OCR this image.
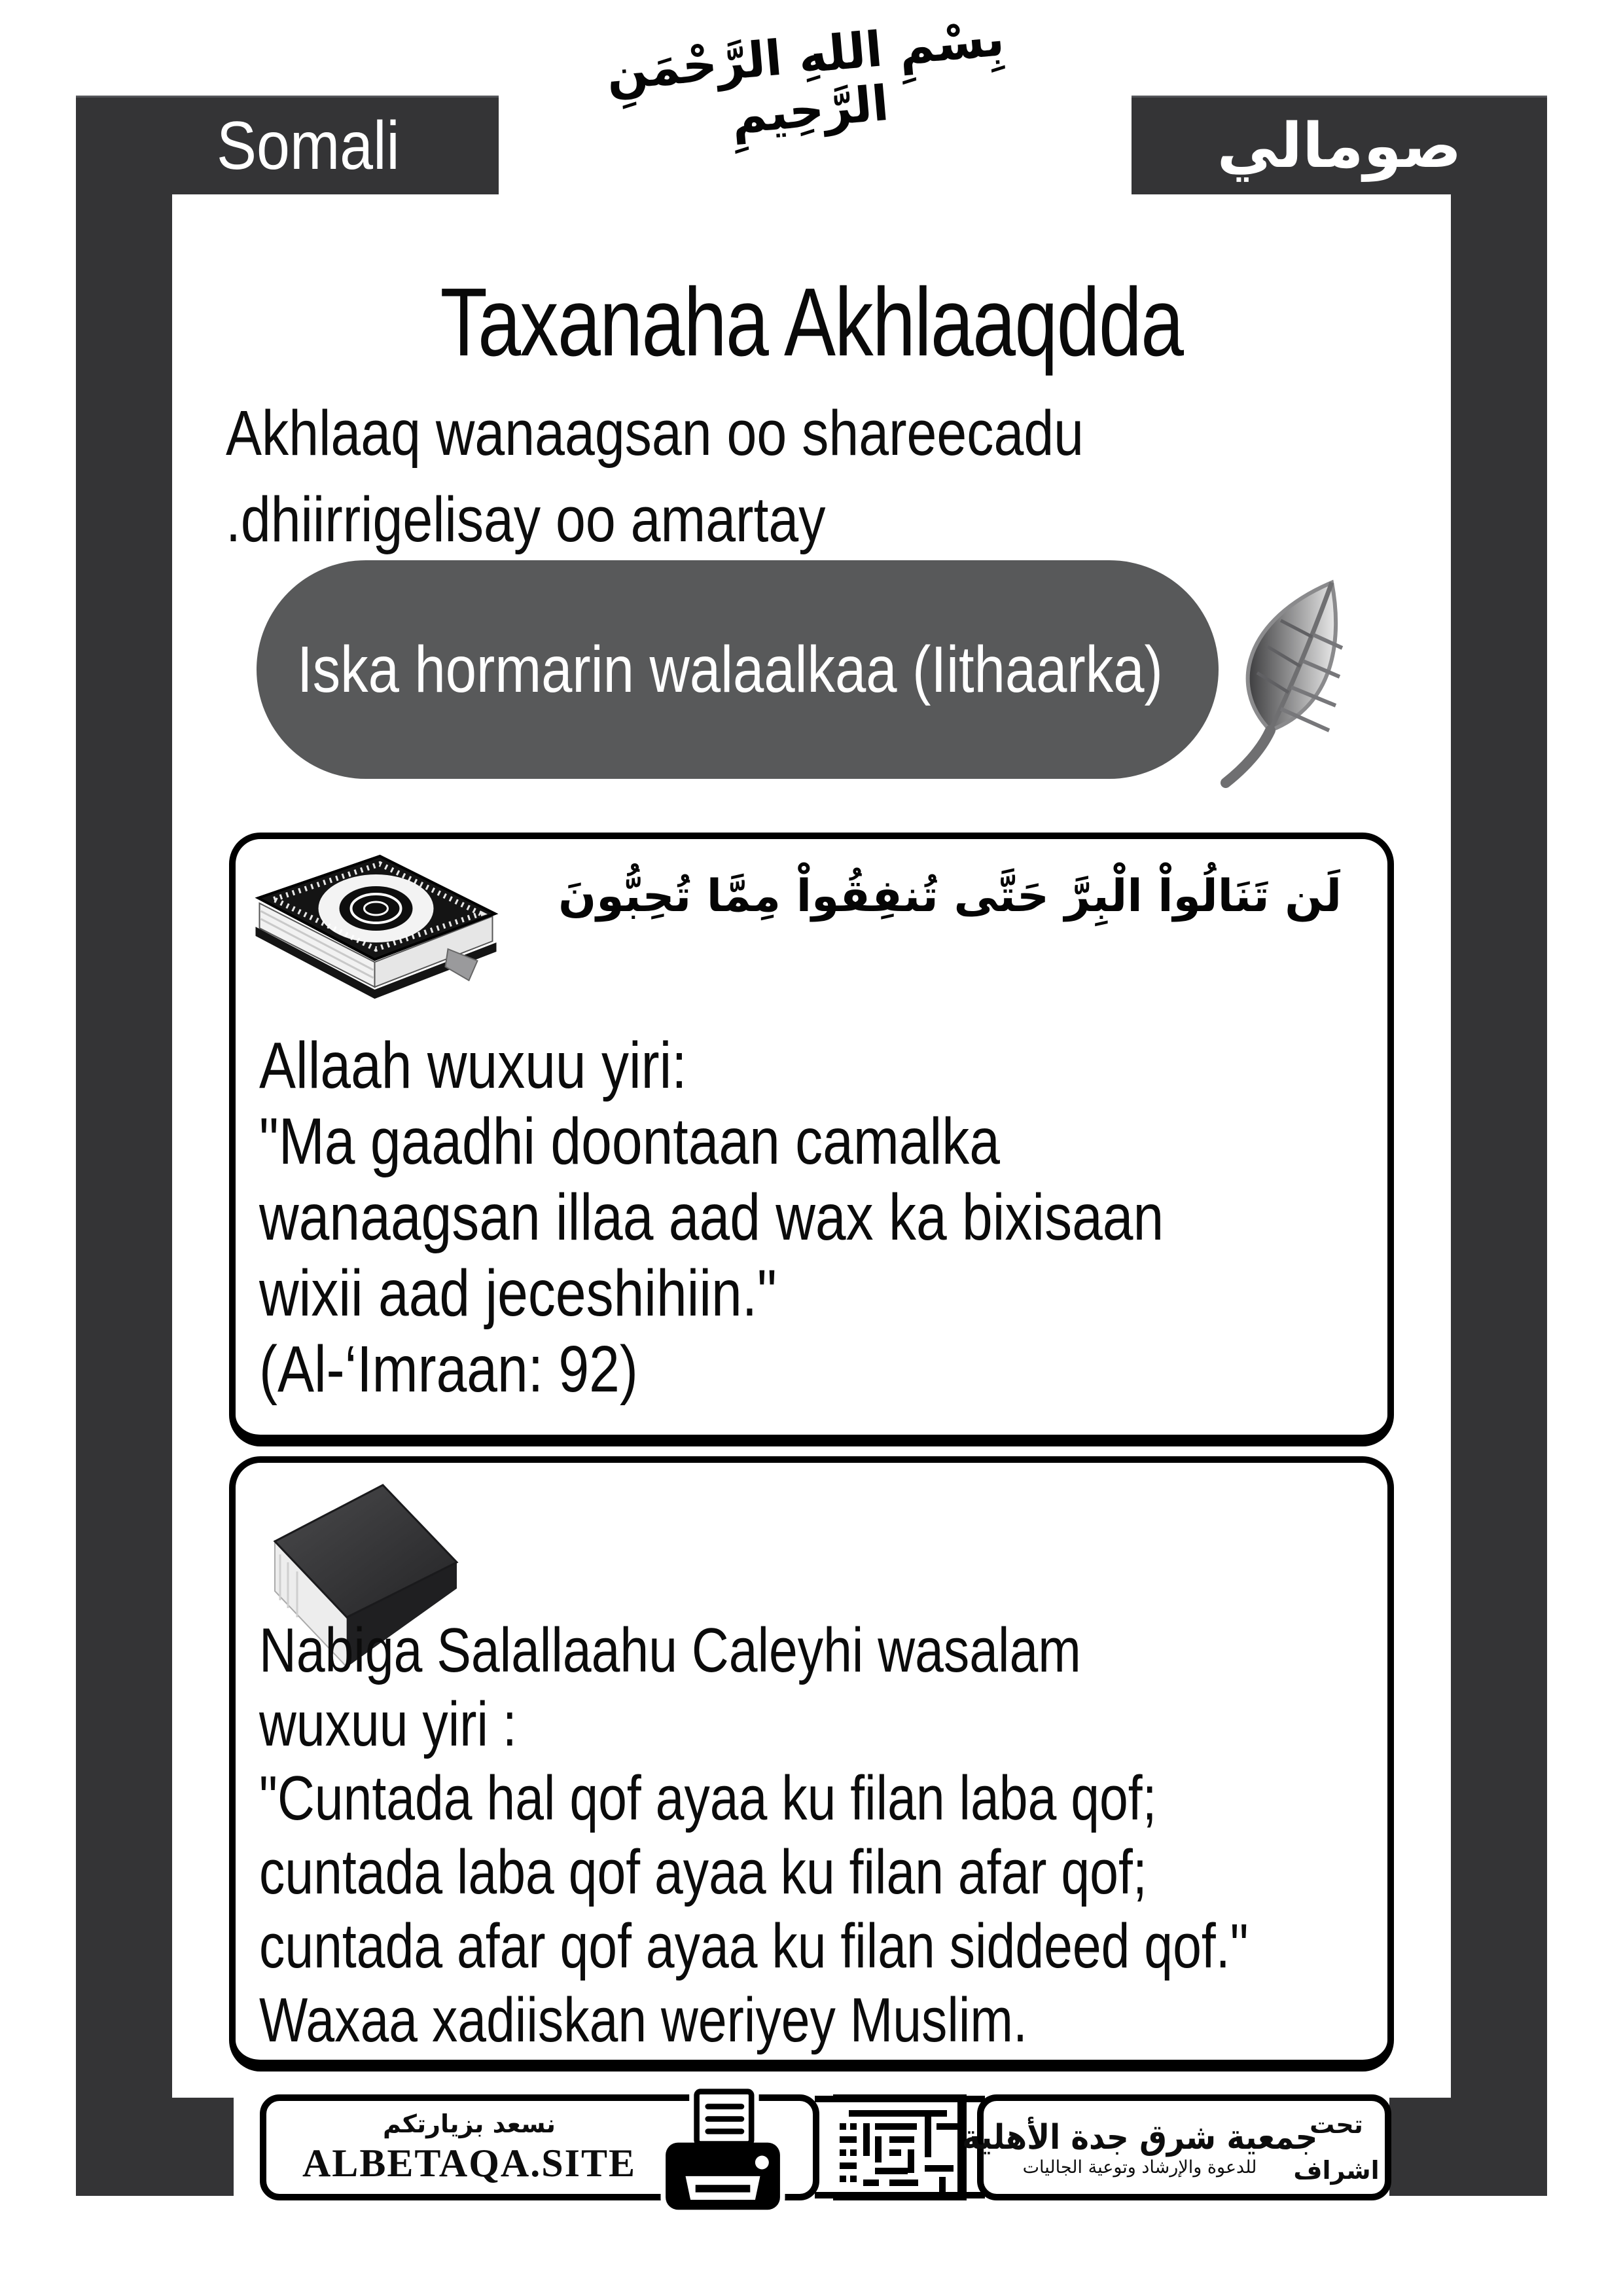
Somali	صومالي
بِسْمِ اللهِ الرَّحْمَنِ الرَّحِيمِ
Taxanaha Akhlaaqdda
Akhlaaq wanaagsan oo shareecadu
.dhiirrigelisay oo amartay
Iska hormarin walaalkaa (Iithaarka)
لَن تَنَالُواْ الْبِرَّ حَتَّى تُنفِقُواْ مِمَّا تُحِبُّونَ
Allaah wuxuu yiri:
"Ma gaadhi doontaan camalka
wanaagsan illaa aad wax ka bixisaan
wixii aad jeceshihiin."
(Al-‘Imraan: 92)
Nabiga Salallaahu Caleyhi wasalam
wuxuu yiri :
"Cuntada hal qof ayaa ku filan laba qof;
cuntada laba qof ayaa ku filan afar qof;
cuntada afar qof ayaa ku filan siddeed qof."
Waxaa xadiiskan weriyey Muslim.
نسعد بزيارتكم
ALBETAQA.SITE
تحت
اشراف
جمعية شرق جدة الأهلية
للدعوة والإرشاد وتوعية الجاليات
